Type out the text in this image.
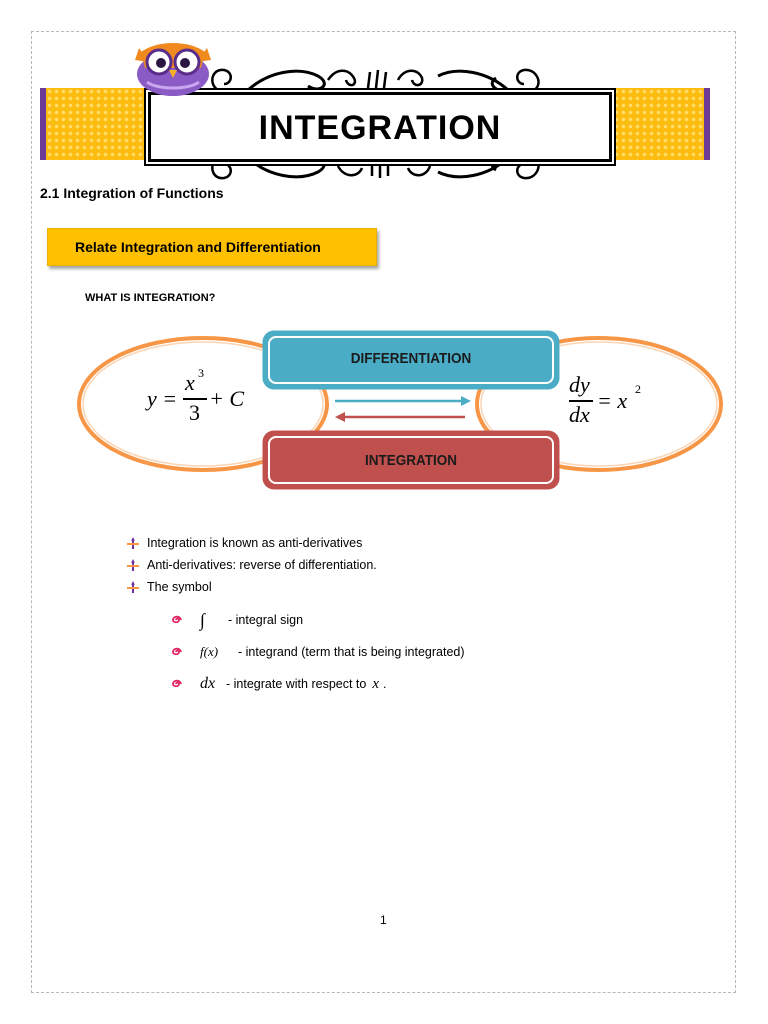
INTEGRATION
2.1 Integration of Functions
Relate Integration and Differentiation
WHAT IS INTEGRATION?
DIFFERENTIATION
INTEGRATION
y =
x 3
3
+ C
dy
dx
= x 2
Integration is known as anti-derivatives
Anti-derivatives: reverse of differentiation.
The symbol
∫	- integral sign
f(x)	- integrand (term that is being integrated)
dx - integrate with respect to x .
1
